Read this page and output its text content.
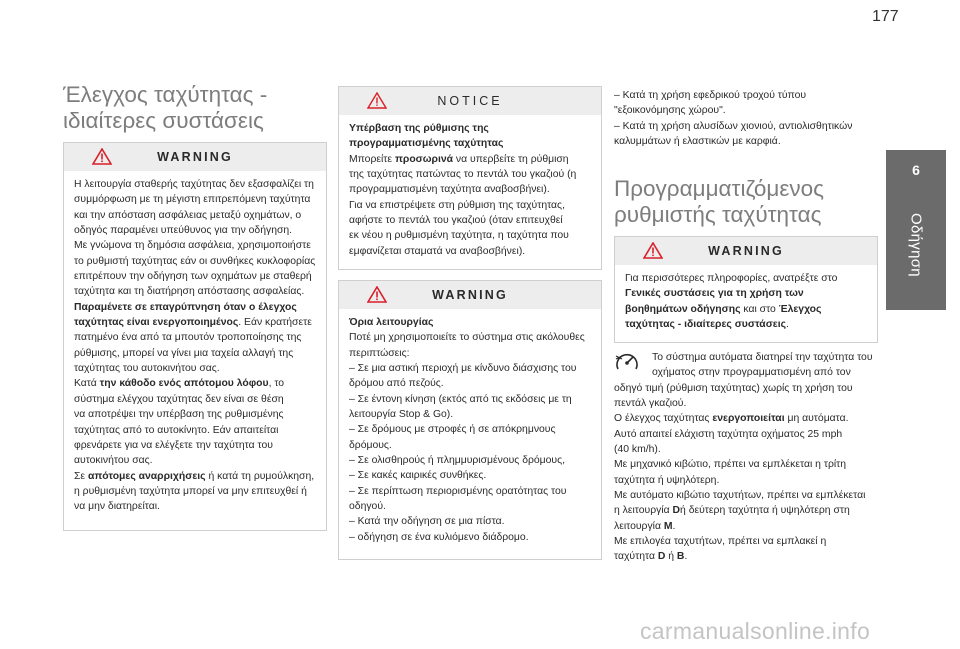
177
6
Οδήγηση
Έλεγχος ταχύτητας -
ιδιαίτερες συστάσεις
WARNING

Η λειτουργία σταθερής ταχύτητας δεν εξασφαλίζει τη

συμμόρφωση με τη μέγιστη επιτρεπόμενη ταχύτητα

και την απόσταση ασφάλειας μεταξύ οχημάτων, ο

οδηγός παραμένει υπεύθυνος για την οδήγηση.

Με γνώμονα τη δημόσια ασφάλεια, χρησιμοποιήστε

το ρυθμιστή ταχύτητας εάν οι συνθήκες κυκλοφορίας

επιτρέπουν την οδήγηση των οχημάτων με σταθερή

ταχύτητα και τη διατήρηση απόστασης ασφαλείας.

Παραμένετε σε επαγρύπνηση όταν ο έλεγχος

ταχύτητας είναι ενεργοποιημένος. Εάν κρατήσετε

πατημένο ένα από τα μπουτόν τροποποίησης της

ρύθμισης, μπορεί να γίνει μια ταχεία αλλαγή της

ταχύτητας του αυτοκινήτου σας.

Κατά την κάθοδο ενός απότομου λόφου, το

σύστημα ελέγχου ταχύτητας δεν είναι σε θέση

να αποτρέψει την υπέρβαση της ρυθμισμένης

ταχύτητας από το αυτοκίνητο. Εάν απαιτείται

φρενάρετε για να ελέγξετε την ταχύτητα του

αυτοκινήτου σας.

Σε απότομες αναρριχήσεις ή κατά τη ρυμούλκηση,

η ρυθμισμένη ταχύτητα μπορεί να μην επιτευχθεί ή

να μην διατηρείται.

NOTICE

Υπέρβαση της ρύθμισης της

προγραμματισμένης ταχύτητας

Μπορείτε προσωρινά να υπερβείτε τη ρύθμιση

της ταχύτητας πατώντας το πεντάλ του γκαζιού (η

προγραμματισμένη ταχύτητα αναβοσβήνει).

Για να επιστρέψετε στη ρύθμιση της ταχύτητας,

αφήστε το πεντάλ του γκαζιού (όταν επιτευχθεί

εκ νέου η ρυθμισμένη ταχύτητα, η ταχύτητα που

εμφανίζεται σταματά να αναβοσβήνει).

WARNING

Όρια λειτουργίας

Ποτέ μη χρησιμοποιείτε το σύστημα στις ακόλουθες

περιπτώσεις:

– Σε μια αστική περιοχή με κίνδυνο διάσχισης του

δρόμου από πεζούς.

– Σε έντονη κίνηση (εκτός από τις εκδόσεις με τη

λειτουργία Stop & Go).

– Σε δρόμους με στροφές ή σε απόκρημνους

δρόμους.

– Σε ολισθηρούς ή πλημμυρισμένους δρόμους,

– Σε κακές καιρικές συνθήκες.

– Σε περίπτωση περιορισμένης ορατότητας του

οδηγού.

– Κατά την οδήγηση σε μια πίστα.

– οδήγηση σε ένα κυλιόμενο διάδρομο.

– Κατά τη χρήση εφεδρικού τροχού τύπου

"εξοικονόμησης χώρου".

– Κατά τη χρήση αλυσίδων χιονιού, αντιολισθητικών

καλυμμάτων ή ελαστικών με καρφιά.

Προγραμματιζόμενος
ρυθμιστής ταχύτητας
WARNING

Για περισσότερες πληροφορίες, ανατρέξτε στο

Γενικές συστάσεις για τη χρήση των

βοηθημάτων οδήγησης και στο Έλεγχος

ταχύτητας - ιδιαίτερες συστάσεις.

Το σύστημα αυτόματα διατηρεί την ταχύτητα του

οχήματος στην προγραμματισμένη από τον

οδηγό τιμή (ρύθμιση ταχύτητας) χωρίς τη χρήση του

πεντάλ γκαζιού.

Ο έλεγχος ταχύτητας ενεργοποιείται μη αυτόματα.

Αυτό απαιτεί ελάχιστη ταχύτητα οχήματος 25 mph

(40 km/h).

Με μηχανικό κιβώτιο, πρέπει να εμπλέκεται η τρίτη

ταχύτητα ή υψηλότερη.

Με αυτόματο κιβώτιο ταχυτήτων, πρέπει να εμπλέκεται

η λειτουργία Dή δεύτερη ταχύτητα ή υψηλότερη στη

λειτουργία M.

Με επιλογέα ταχυτήτων, πρέπει να εμπλακεί η

ταχύτητα D ή B.

carmanualsonline.info
